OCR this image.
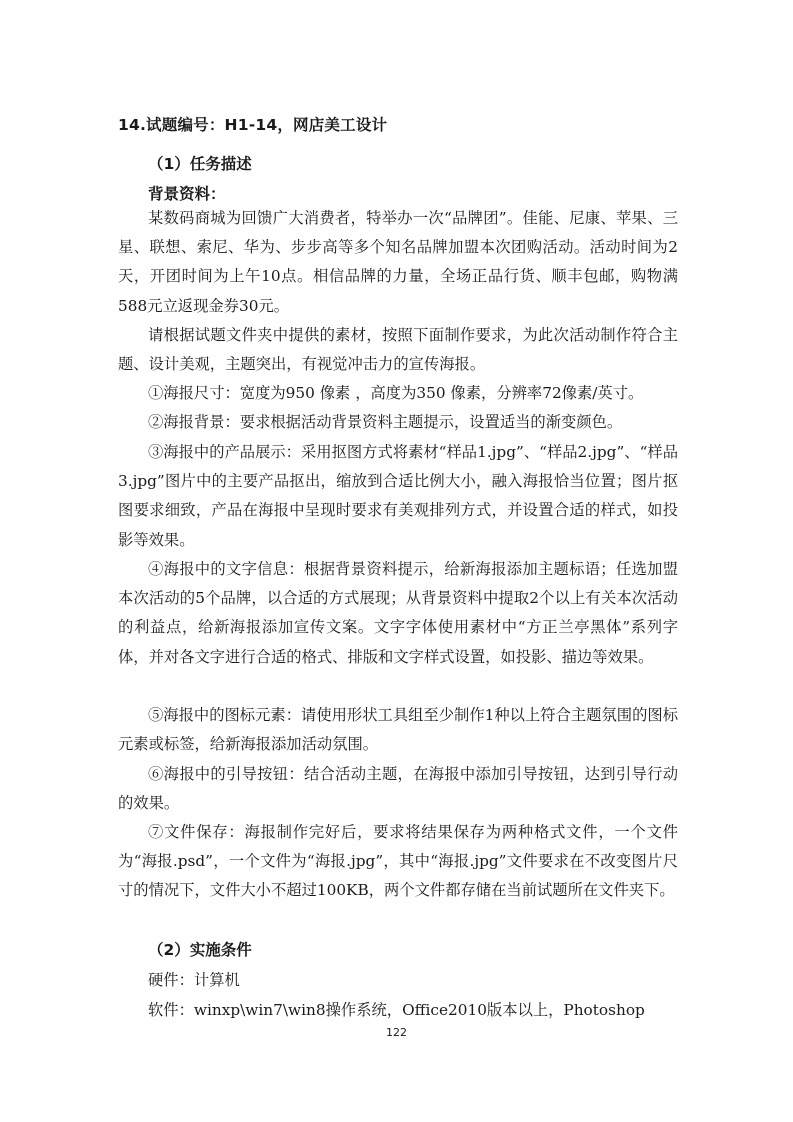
14.试题编号：H1-14，网店美工设计
（1）任务描述
背景资料：

某数码商城为回馈广大消费者，特举办一次“品牌团”。佳能、尼康、苹果、三星、联想、索尼、华为、步步高等多个知名品牌加盟本次团购活动。活动时间为2天，开团时间为上午10点。相信品牌的力量，全场正品行货、顺丰包邮，购物满588元立返现金券30元。

请根据试题文件夹中提供的素材，按照下面制作要求，为此次活动制作符合主题、设计美观，主题突出，有视觉冲击力的宣传海报。

①海报尺寸：宽度为950 像素 ，高度为350 像素，分辨率72像素/英寸。

②海报背景：要求根据活动背景资料主题提示，设置适当的渐变颜色。

③海报中的产品展示：采用抠图方式将素材“样品1.jpg”、“样品2.jpg”、“样品3.jpg”图片中的主要产品抠出，缩放到合适比例大小，融入海报恰当位置；图片抠图要求细致，产品在海报中呈现时要求有美观排列方式，并设置合适的样式，如投影等效果。

④海报中的文字信息：根据背景资料提示，给新海报添加主题标语；任选加盟本次活动的5个品牌，以合适的方式展现；从背景资料中提取2个以上有关本次活动的利益点，给新海报添加宣传文案。文字字体使用素材中“方正兰亭黑体”系列字体，并对各文字进行合适的格式、排版和文字样式设置，如投影、描边等效果。

⑤海报中的图标元素：请使用形状工具组至少制作1种以上符合主题氛围的图标元素或标签，给新海报添加活动氛围。

⑥海报中的引导按钮：结合活动主题，在海报中添加引导按钮，达到引导行动的效果。

⑦文件保存：海报制作完好后，要求将结果保存为两种格式文件，一个文件为“海报.psd”，一个文件为“海报.jpg”，其中“海报.jpg”文件要求在不改变图片尺寸的情况下，文件大小不超过100KB，两个文件都存储在当前试题所在文件夹下。

（2）实施条件
硬件：计算机
软件：winxp\win7\win8操作系统，Office2010版本以上，Photoshop
122
